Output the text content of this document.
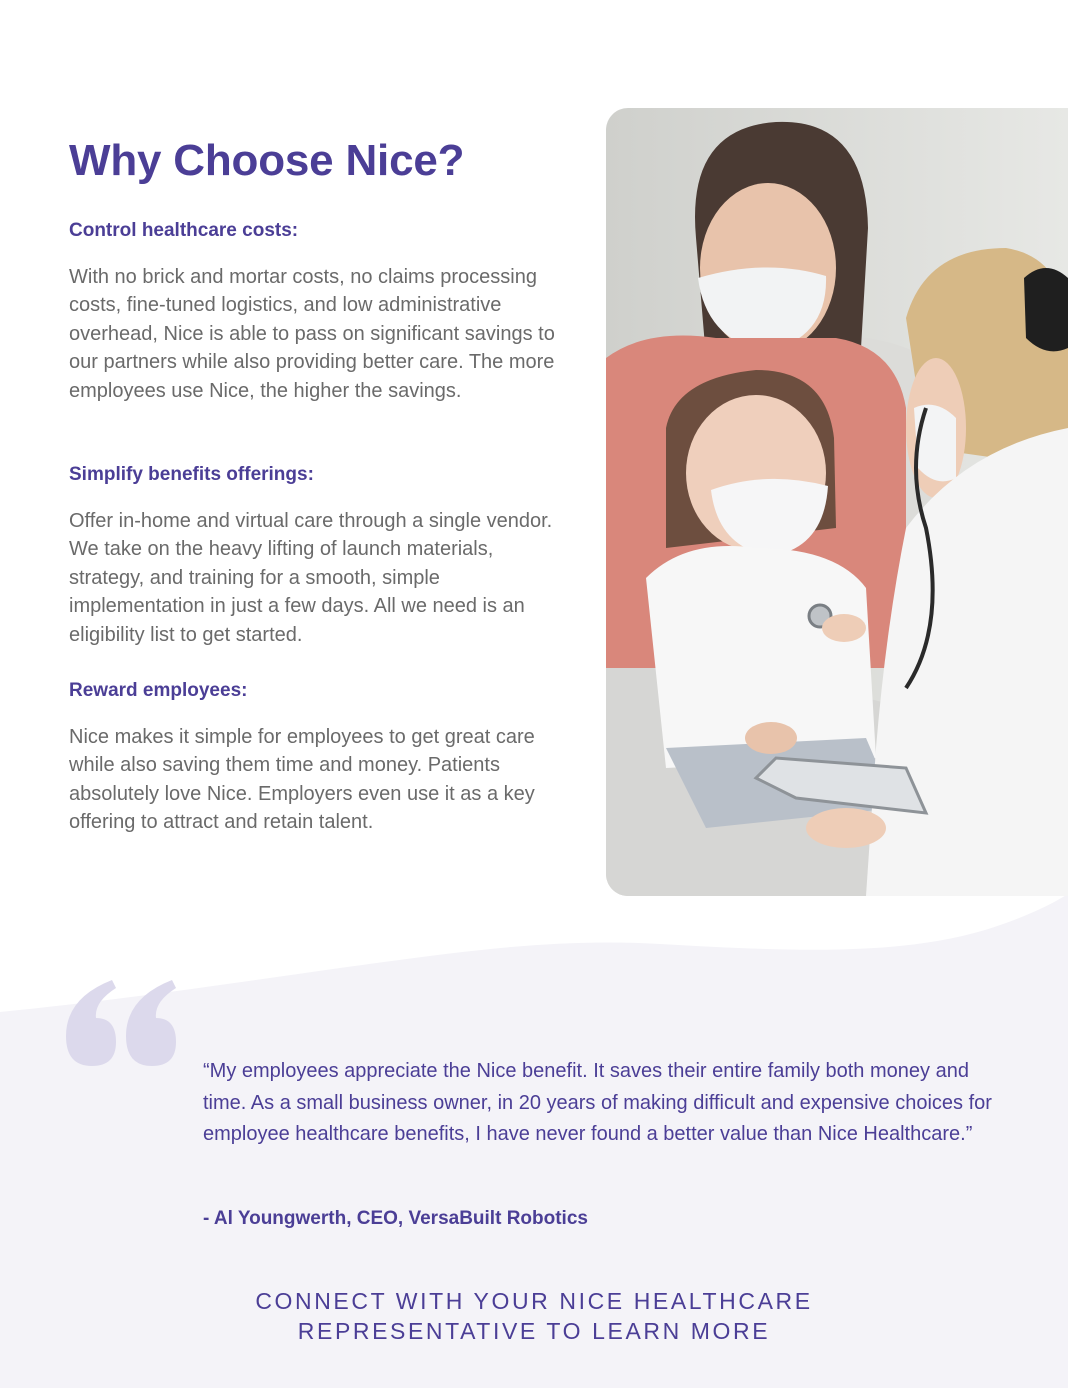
Why Choose Nice?
Control healthcare costs:

With no brick and mortar costs, no claims processing costs, fine-tuned logistics, and low administrative overhead, Nice is able to pass on significant savings to our partners while also providing better care. The more employees use Nice, the higher the savings.

Simplify benefits offerings:

Offer in-home and virtual care through a single vendor. We take on the heavy lifting of launch materials, strategy, and training for a smooth, simple implementation in just a few days. All we need is an eligibility list to get started.

Reward employees:

Nice makes it simple for employees to get great care while also saving them time and money. Patients absolutely love Nice. Employers even use it as a key offering to attract and retain talent.

“My employees appreciate the Nice benefit. It saves their entire family both money and time. As a small business owner, in 20 years of making difficult and expensive choices for employee healthcare benefits, I have never found a better value than Nice Healthcare.”

- Al Youngwerth, CEO, VersaBuilt Robotics

CONNECT WITH YOUR NICE HEALTHCARE
REPRESENTATIVE TO LEARN MORE
